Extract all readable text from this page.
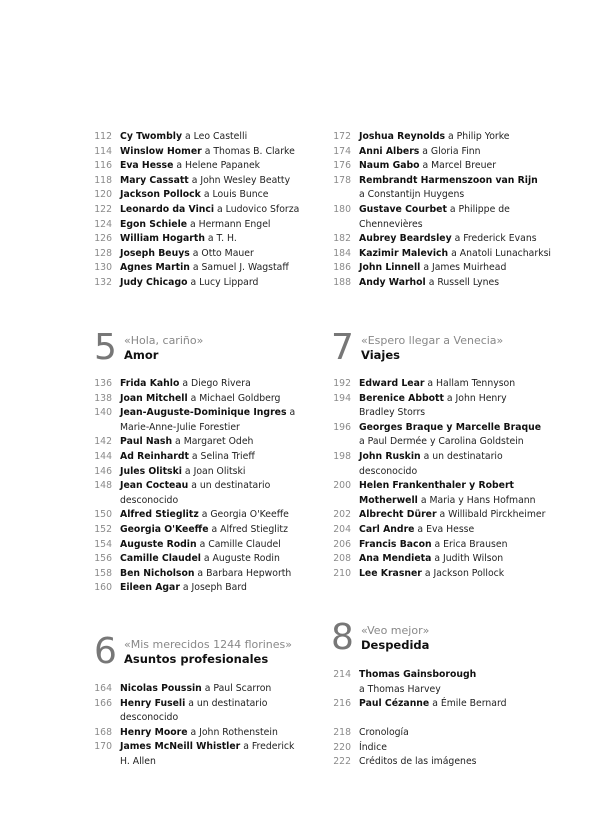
112 Cy Twombly a Leo Castelli
114 Winslow Homer a Thomas B. Clarke
116 Eva Hesse a Helene Papanek
118 Mary Cassatt a John Wesley Beatty
120 Jackson Pollock a Louis Bunce
122 Leonardo da Vinci a Ludovico Sforza
124 Egon Schiele a Hermann Engel
126 William Hogarth a T. H.
128 Joseph Beuys a Otto Mauer
130 Agnes Martin a Samuel J. Wagstaff
132 Judy Chicago a Lucy Lippard
172 Joshua Reynolds a Philip Yorke
174 Anni Albers a Gloria Finn
176 Naum Gabo a Marcel Breuer
178 Rembrandt Harmenszoon van Rijn
a Constantijn Huygens
180 Gustave Courbet a Philippe de
Chennevières
182 Aubrey Beardsley a Frederick Evans
184 Kazimir Malevich a Anatoli Lunacharksi
186 John Linnell a James Muirhead
188 Andy Warhol a Russell Lynes
5 «Hola, cariño»
Amor	7 «Espero llegar a Venecia»
Viajes
136 Frida Kahlo a Diego Rivera
138 Joan Mitchell a Michael Goldberg
140 Jean-Auguste-Dominique Ingres a
Marie-Anne-Julie Forestier
142 Paul Nash a Margaret Odeh
144 Ad Reinhardt a Selina Trieff
146 Jules Olitski a Joan Olitski
148 Jean Cocteau a un destinatario
desconocido
150 Alfred Stieglitz a Georgia O'Keeffe
152 Georgia O'Keeffe a Alfred Stieglitz
154 Auguste Rodin a Camille Claudel
156 Camille Claudel a Auguste Rodin
158 Ben Nicholson a Barbara Hepworth
160 Eileen Agar a Joseph Bard
192 Edward Lear a Hallam Tennyson
194 Berenice Abbott a John Henry
Bradley Storrs
196 Georges Braque y Marcelle Braque
a Paul Dermée y Carolina Goldstein
198 John Ruskin a un destinatario
desconocido
200 Helen Frankenthaler y Robert
Motherwell a Maria y Hans Hofmann
202 Albrecht Dürer a Willibald Pirckheimer
204 Carl Andre a Eva Hesse
206 Francis Bacon a Erica Brausen
208 Ana Mendieta a Judith Wilson
210 Lee Krasner a Jackson Pollock
6 «Mis merecidos 1244 florines»
Asuntos profesionales
8 «Veo mejor»
Despedida
164 Nicolas Poussin a Paul Scarron
166 Henry Fuseli a un destinatario
desconocido
168 Henry Moore a John Rothenstein
170 James McNeill Whistler a Frederick
H. Allen
214 Thomas Gainsborough
a Thomas Harvey
216 Paul Cézanne a Émile Bernard
218 Cronología
220 Índice
222 Créditos de las imágenes
